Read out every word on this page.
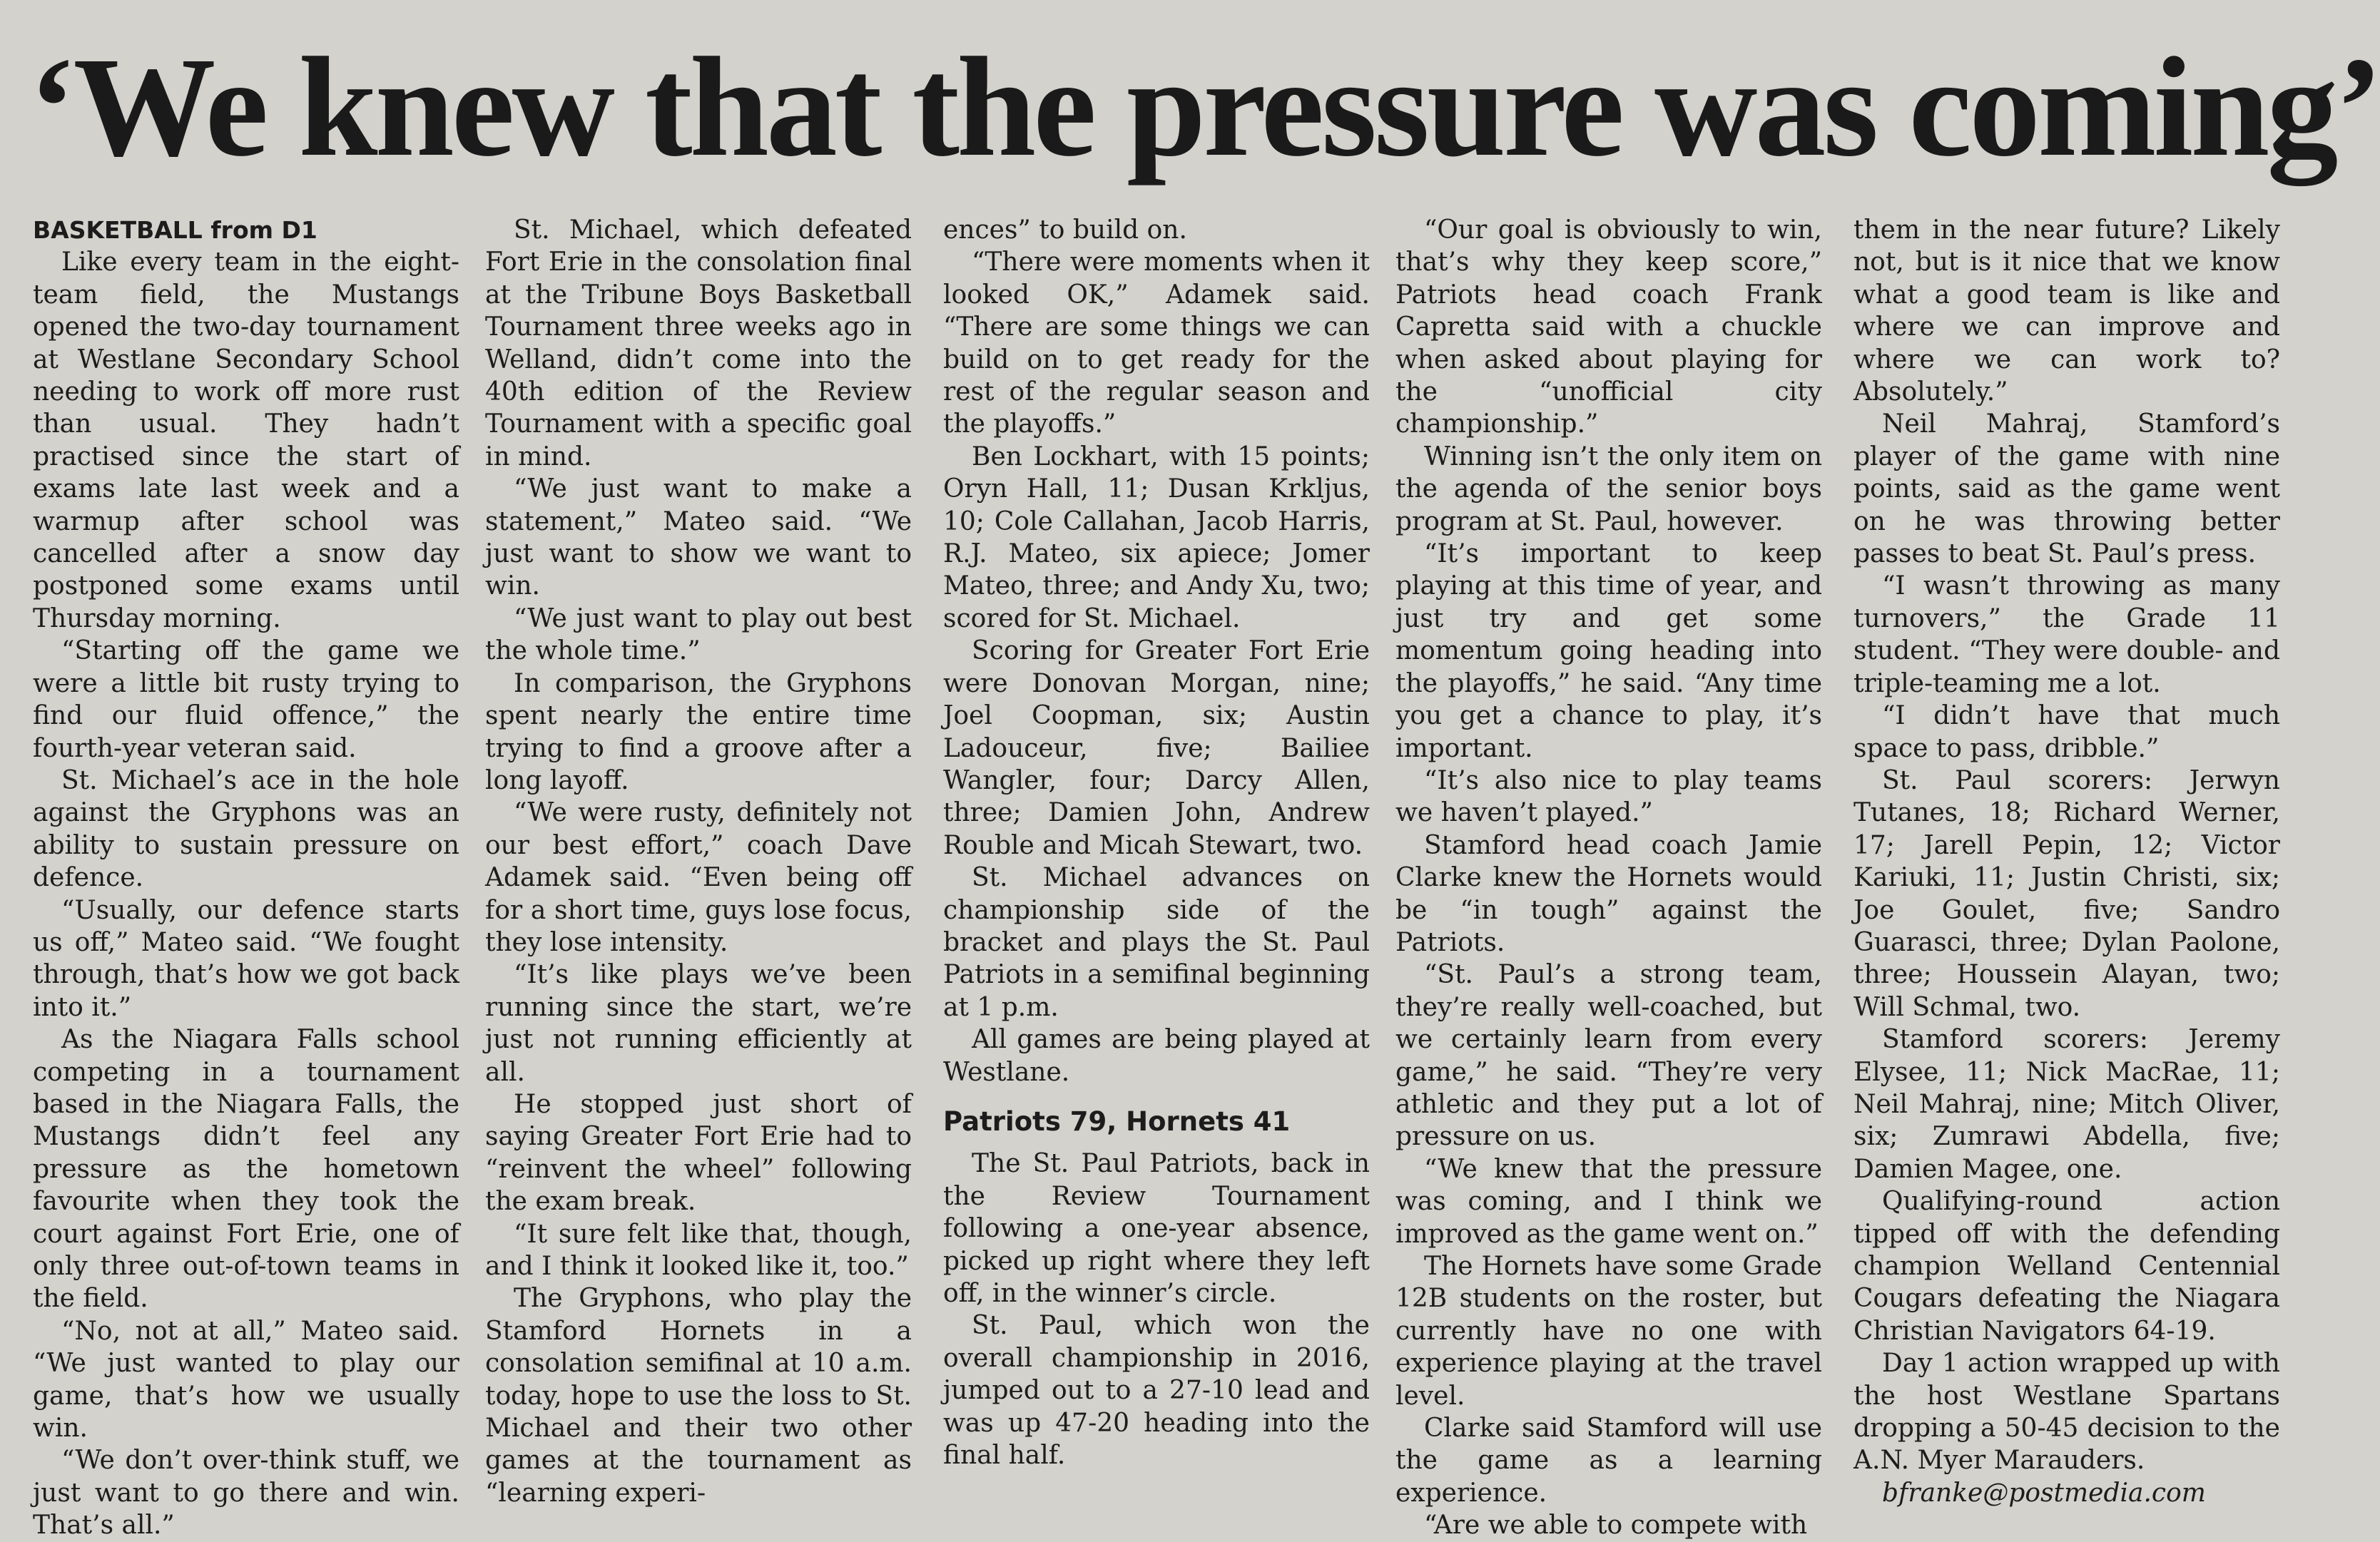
‘We knew that the pressure was coming’

BASKETBALL from D1

Like every team in the eight-team field, the Mustangs opened the two-day tournament at Westlane Secondary School needing to work off more rust than usual. They hadn’t practised since the start of exams late last week and a warmup after school was cancelled after a snow day postponed some exams until Thursday morning.

“Starting off the game we were a little bit rusty trying to find our fluid offence,” the fourth-year veteran said.

St. Michael’s ace in the hole against the Gryphons was an ability to sustain pressure on defence.

“Usually, our defence starts us off,” Mateo said. “We fought through, that’s how we got back into it.”

As the Niagara Falls school competing in a tournament based in the Niagara Falls, the Mustangs didn’t feel any pressure as the hometown favourite when they took the court against Fort Erie, one of only three out-of-town teams in the field.

“No, not at all,” Mateo said. “We just wanted to play our game, that’s how we usually win.

“We don’t over-think stuff, we just want to go there and win. That’s all.”

St. Michael, which defeated Fort Erie in the consolation final at the Tribune Boys Basketball Tournament three weeks ago in Welland, didn’t come into the 40th edition of the Review Tournament with a specific goal in mind.

“We just want to make a statement,” Mateo said. “We just want to show we want to win.

“We just want to play out best the whole time.”

In comparison, the Gryphons spent nearly the entire time trying to find a groove after a long layoff.

“We were rusty, definitely not our best effort,” coach Dave Adamek said. “Even being off for a short time, guys lose focus, they lose intensity.

“It’s like plays we’ve been running since the start, we’re just not running efficiently at all.

He stopped just short of saying Greater Fort Erie had to “reinvent the wheel” following the exam break.

“It sure felt like that, though, and I think it looked like it, too.”

The Gryphons, who play the Stamford Hornets in a consolation semifinal at 10 a.m. today, hope to use the loss to St. Michael and their two other games at the tournament as “learning experi-

ences” to build on.

“There were moments when it looked OK,” Adamek said. “There are some things we can build on to get ready for the rest of the regular season and the playoffs.”

Ben Lockhart, with 15 points; Oryn Hall, 11; Dusan Krkljus, 10; Cole Callahan, Jacob Harris, R.J. Mateo, six apiece; Jomer Mateo, three; and Andy Xu, two; scored for St. Michael.

Scoring for Greater Fort Erie were Donovan Morgan, nine; Joel Coopman, six; Austin Ladouceur, five; Bailiee Wangler, four; Darcy Allen, three; Damien John, Andrew Rouble and Micah Stewart, two.

St. Michael advances on championship side of the bracket and plays the St. Paul Patriots in a semifinal beginning at 1 p.m.

All games are being played at Westlane.

Patriots 79, Hornets 41

The St. Paul Patriots, back in the Review Tournament following a one-year absence, picked up right where they left off, in the winner’s circle.

St. Paul, which won the overall championship in 2016, jumped out to a 27-10 lead and was up 47-20 heading into the final half.

“Our goal is obviously to win, that’s why they keep score,” Patriots head coach Frank Capretta said with a chuckle when asked about playing for the “unofficial city championship.”

Winning isn’t the only item on the agenda of the senior boys program at St. Paul, however.

“It’s important to keep playing at this time of year, and just try and get some momentum going heading into the playoffs,” he said. “Any time you get a chance to play, it’s important.

“It’s also nice to play teams we haven’t played.”

Stamford head coach Jamie Clarke knew the Hornets would be “in tough” against the Patriots.

“St. Paul’s a strong team, they’re really well-coached, but we certainly learn from every game,” he said. “They’re very athletic and they put a lot of pressure on us.

“We knew that the pressure was coming, and I think we improved as the game went on.”

The Hornets have some Grade 12B students on the roster, but currently have no one with experience playing at the travel level.

Clarke said Stamford will use the game as a learning experience.

“Are we able to compete with

them in the near future? Likely not, but is it nice that we know what a good team is like and where we can improve and where we can work to? Absolutely.”

Neil Mahraj, Stamford’s player of the game with nine points, said as the game went on he was throwing better passes to beat St. Paul’s press.

“I wasn’t throwing as many turnovers,” the Grade 11 student. “They were double- and triple-teaming me a lot.

“I didn’t have that much space to pass, dribble.”

St. Paul scorers: Jerwyn Tutanes, 18; Richard Werner, 17; Jarell Pepin, 12; Victor Kariuki, 11; Justin Christi, six; Joe Goulet, five; Sandro Guarasci, three; Dylan Paolone, three; Houssein Alayan, two; Will Schmal, two.

Stamford scorers: Jeremy Elysee, 11; Nick MacRae, 11; Neil Mahraj, nine; Mitch Oliver, six; Zumrawi Abdella, five; Damien Magee, one.

Qualifying-round action tipped off with the defending champion Welland Centennial Cougars defeating the Niagara Christian Navigators 64-19.

Day 1 action wrapped up with the host Westlane Spartans dropping a 50-45 decision to the A.N. Myer Marauders.

bfranke@postmedia.com
